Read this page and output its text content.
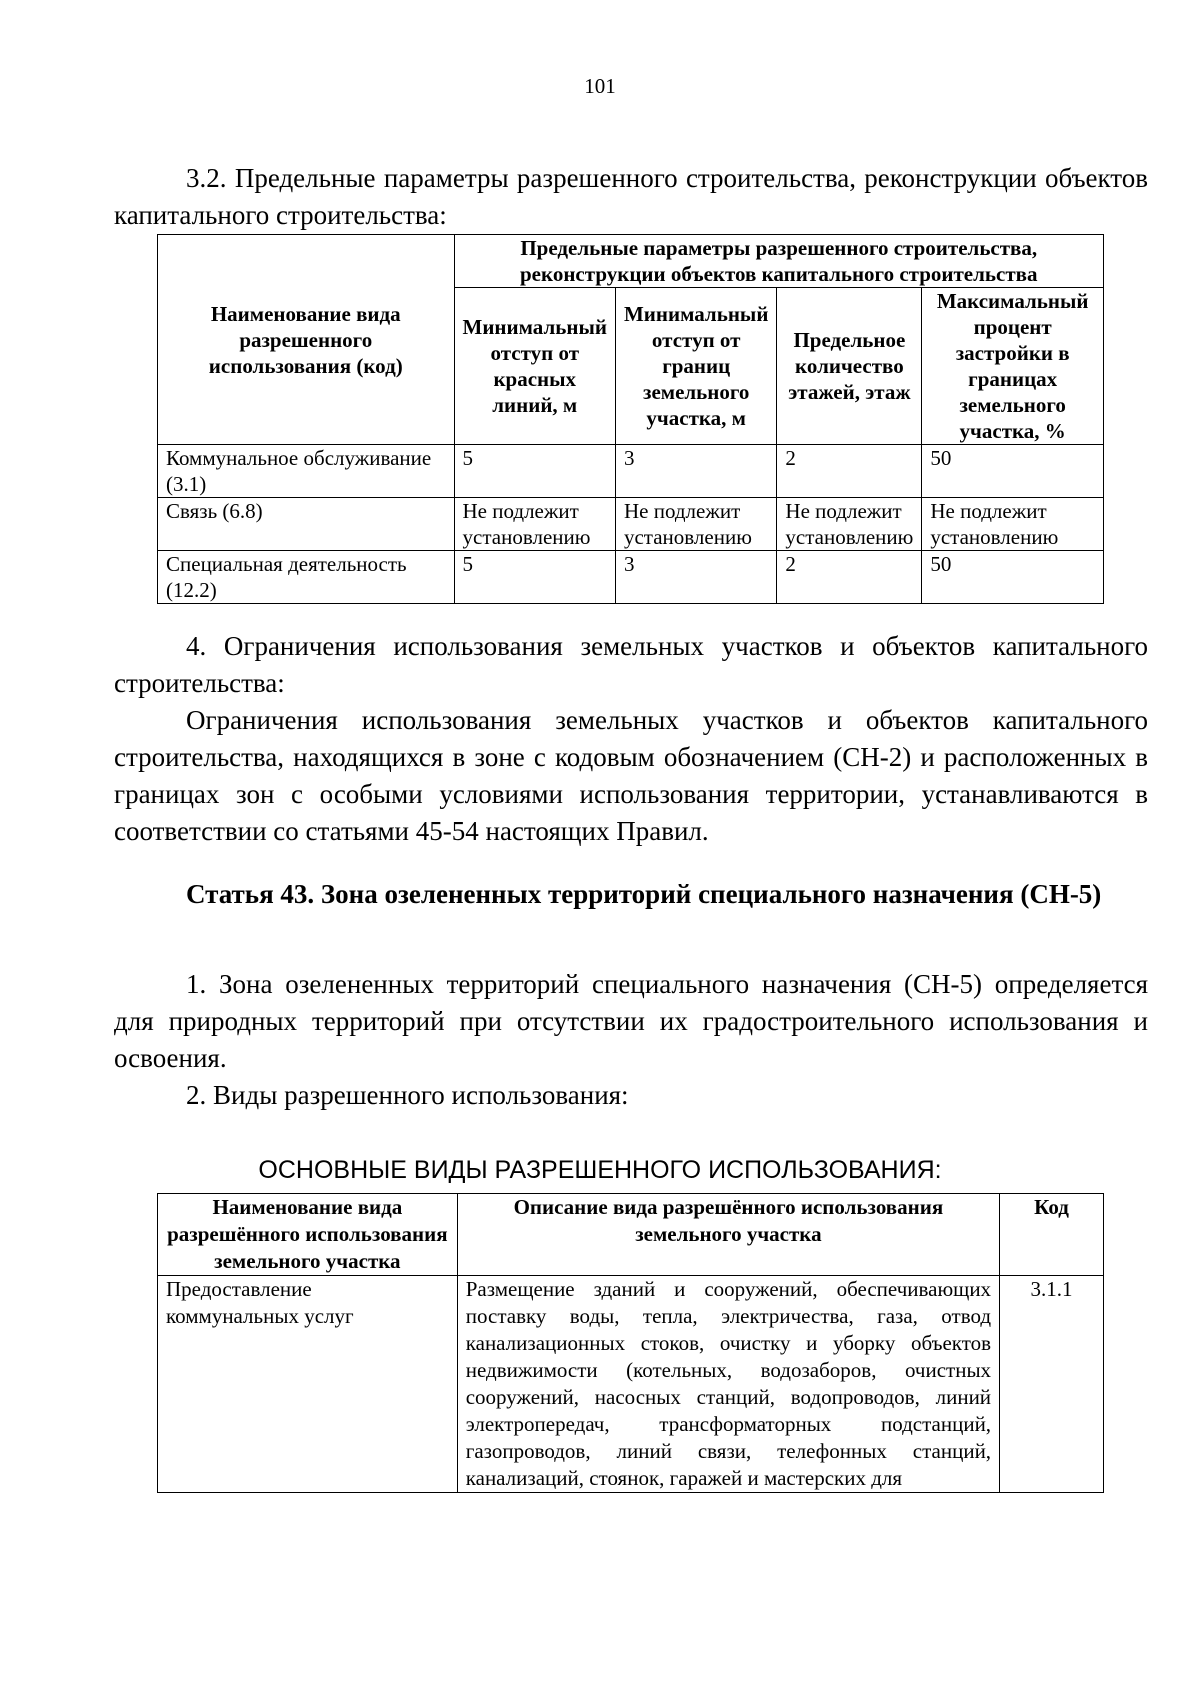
101

3.2. Предельные параметры разрешенного строительства, реконструкции объектов капитального строительства:

Наименование вида разрешенного использования (код)	Предельные параметры разрешенного строительства, реконструкции объектов капитального строительства			
	Минимальный отступ от красных линий, м	Минимальный отступ от границ земельного участка, м	Предельное количество этажей, этаж	Максимальный процент застройки в границах земельного участка, %
Коммунальное обслуживание (3.1)	5	3	2	50
Связь (6.8)	Не подлежит установлению	Не подлежит установлению	Не подлежит установлению	Не подлежит установлению
Специальная деятельность (12.2)	5	3	2	50

4. Ограничения использования земельных участков и объектов капитального строительства:

Ограничения использования земельных участков и объектов капитального строительства, находящихся в зоне с кодовым обозначением (СН-2) и расположенных в границах зон с особыми условиями использования территории, устанавливаются в соответствии со статьями 45-54 настоящих Правил.

Статья 43. Зона озелененных территорий специального назначения (СН-5)

1. Зона озелененных территорий специального назначения (СН-5) определяется для природных территорий при отсутствии их градостроительного использования и освоения.

2. Виды разрешенного использования:

ОСНОВНЫЕ ВИДЫ РАЗРЕШЕННОГО ИСПОЛЬЗОВАНИЯ:
Наименование вида разрешённого использования земельного участка	Описание вида разрешённого использования земельного участка	Код
Предоставление коммунальных услуг	Размещение зданий и сооружений, обеспечивающих поставку воды, тепла, электричества, газа, отвод канализационных стоков, очистку и уборку объектов недвижимости (котельных, водозаборов, очистных сооружений, насосных станций, водопроводов, линий электропередач, трансформаторных подстанций, газопроводов, линий связи, телефонных станций, канализаций, стоянок, гаражей и мастерских для	3.1.1
